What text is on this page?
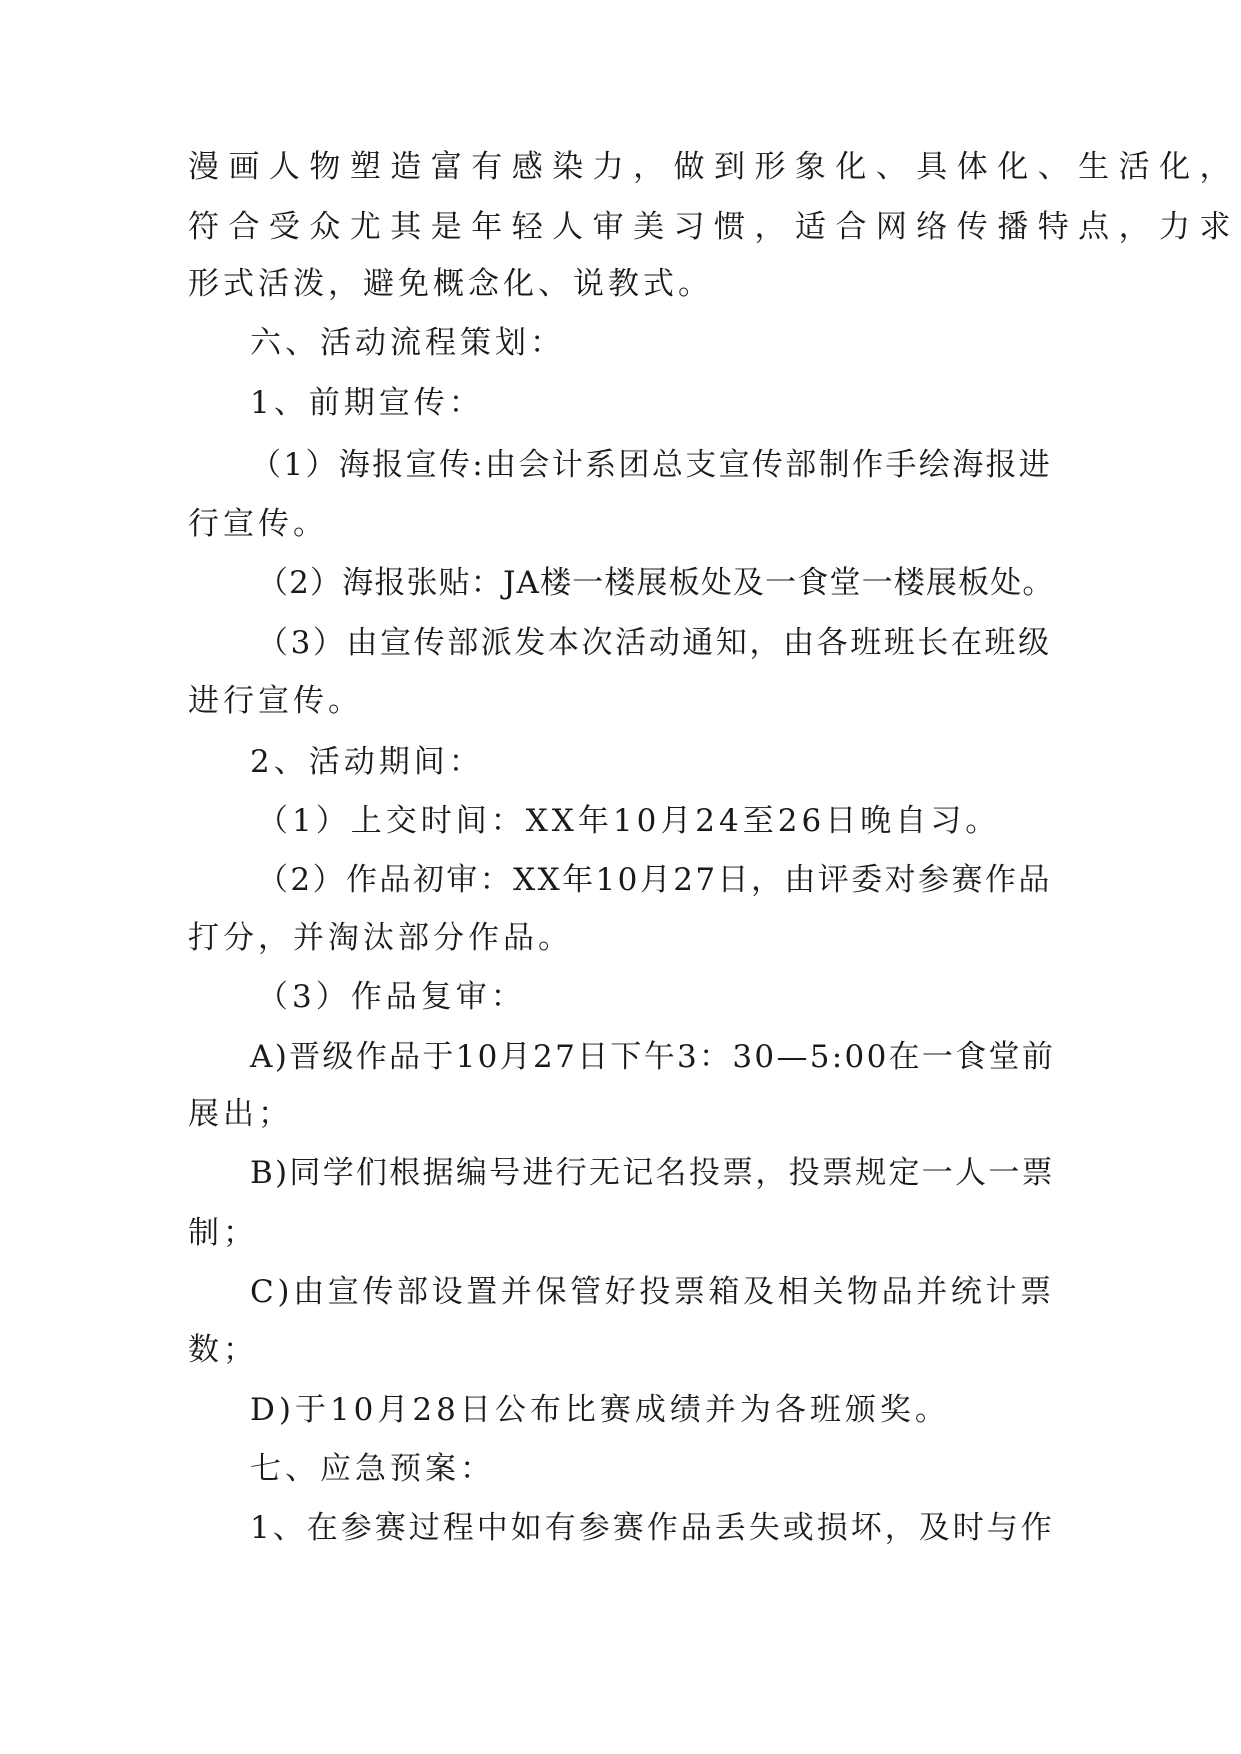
漫画人物塑造富有感染力，做到形象化、具体化、生活化，
符合受众尤其是年轻人审美习惯，适合网络传播特点，力求
形式活泼，避免概念化、说教式。
六、活动流程策划：
1、前期宣传：
（1）海报宣传:由会计系团总支宣传部制作手绘海报进
行宣传。
（2）海报张贴：JA楼一楼展板处及一食堂一楼展板处。
（3）由宣传部派发本次活动通知，由各班班长在班级
进行宣传。
2、活动期间：
（1）上交时间：XX年10月24至26日晚自习。
（2）作品初审：XX年10月27日，由评委对参赛作品
打分，并淘汰部分作品。
（3）作品复审：
A)晋级作品于10月27日下午3：30—5:00在一食堂前
展出；
B)同学们根据编号进行无记名投票，投票规定一人一票
制；
C)由宣传部设置并保管好投票箱及相关物品并统计票
数；
D)于10月28日公布比赛成绩并为各班颁奖。
七、应急预案：
1、在参赛过程中如有参赛作品丢失或损坏，及时与作
